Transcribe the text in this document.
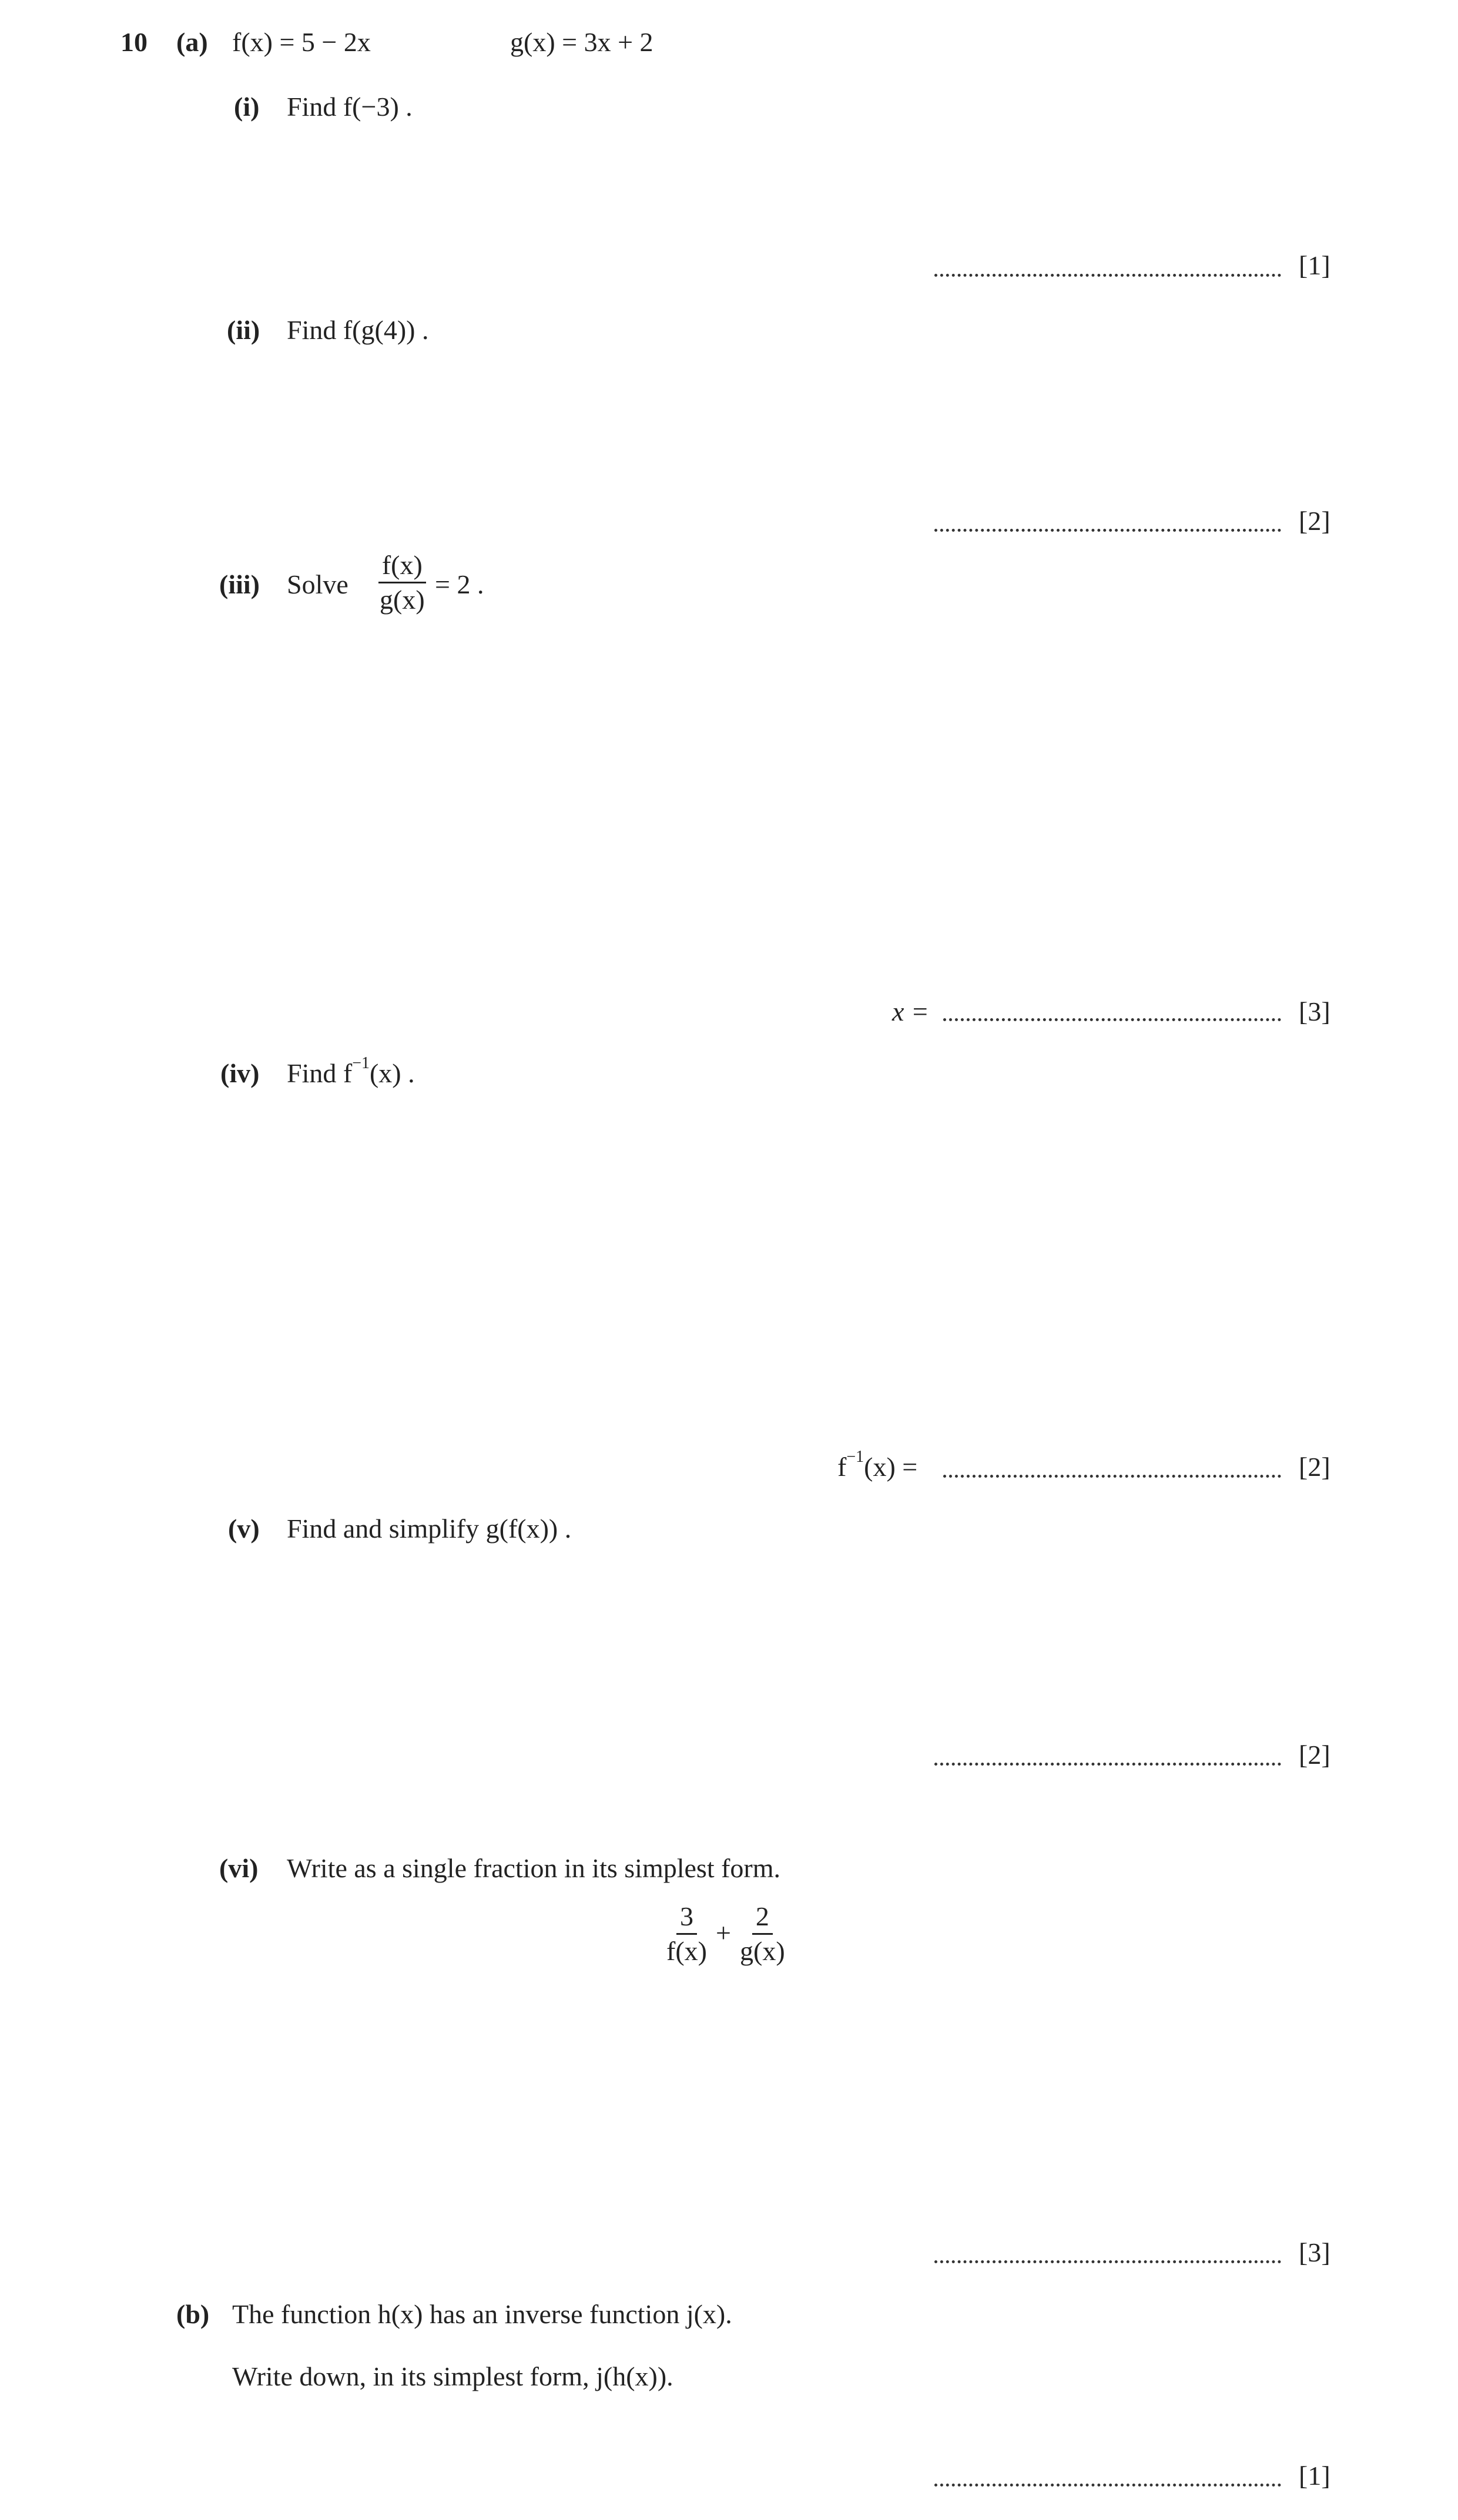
10 (a) f(x) = 5 − 2x	g(x) = 3x + 2
(i) Find f(−3) .
[1]
(ii) Find f(g(4)) .
[2]
(iii) Solve $\frac{f(x)}{g(x)} = 2$ .
x =	[3]
(iv) Find $f^{-1}(x)$ .
$f^{-1}(x)$ =	[2]
(v) Find and simplify g(f(x)) .
[2]
(vi) Write as a single fraction in its simplest form.
$\frac{3}{f(x)} + \frac{2}{g(x)}$
[3]
(b) The function h(x) has an inverse function j(x).
Write down, in its simplest form, j(h(x)).
[1]
